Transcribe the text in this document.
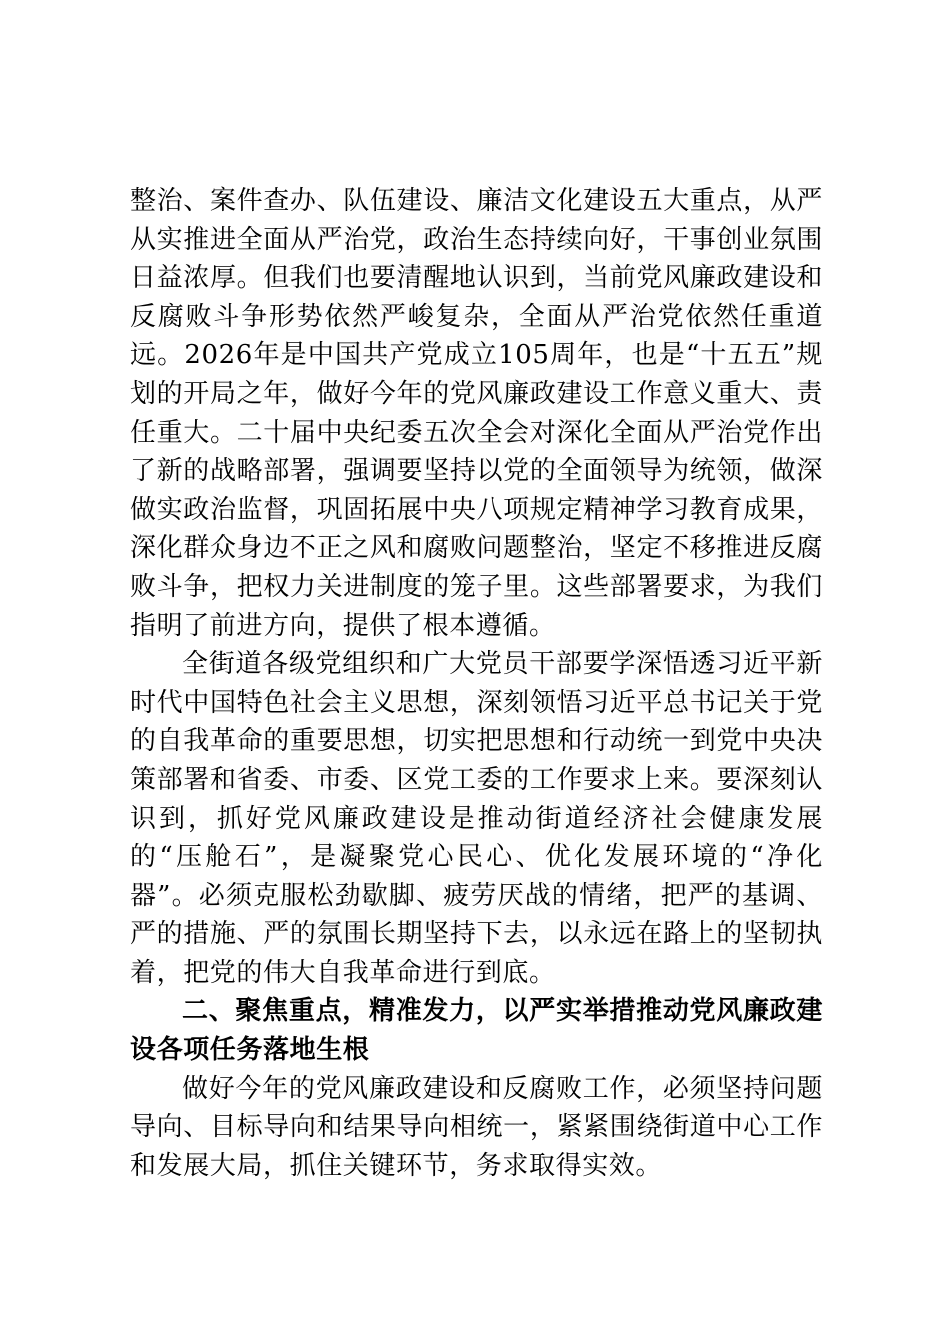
整治、案件查办、队伍建设、廉洁文化建设五大重点，从严从实推进全面从严治党，政治生态持续向好，干事创业氛围日益浓厚。但我们也要清醒地认识到，当前党风廉政建设和反腐败斗争形势依然严峻复杂，全面从严治党依然任重道远。2026年是中国共产党成立105周年，也是“十五五”规划的开局之年，做好今年的党风廉政建设工作意义重大、责任重大。二十届中央纪委五次全会对深化全面从严治党作出了新的战略部署，强调要坚持以党的全面领导为统领，做深做实政治监督，巩固拓展中央八项规定精神学习教育成果，深化群众身边不正之风和腐败问题整治，坚定不移推进反腐败斗争，把权力关进制度的笼子里。这些部署要求，为我们指明了前进方向，提供了根本遵循。

全街道各级党组织和广大党员干部要学深悟透习近平新时代中国特色社会主义思想，深刻领悟习近平总书记关于党的自我革命的重要思想，切实把思想和行动统一到党中央决策部署和省委、市委、区党工委的工作要求上来。要深刻认识到，抓好党风廉政建设是推动街道经济社会健康发展的“压舱石”，是凝聚党心民心、优化发展环境的“净化器”。必须克服松劲歇脚、疲劳厌战的情绪，把严的基调、严的措施、严的氛围长期坚持下去，以永远在路上的坚韧执着，把党的伟大自我革命进行到底。

二、聚焦重点，精准发力，以严实举措推动党风廉政建设各项任务落地生根

做好今年的党风廉政建设和反腐败工作，必须坚持问题导向、目标导向和结果导向相统一，紧紧围绕街道中心工作和发展大局，抓住关键环节，务求取得实效。
